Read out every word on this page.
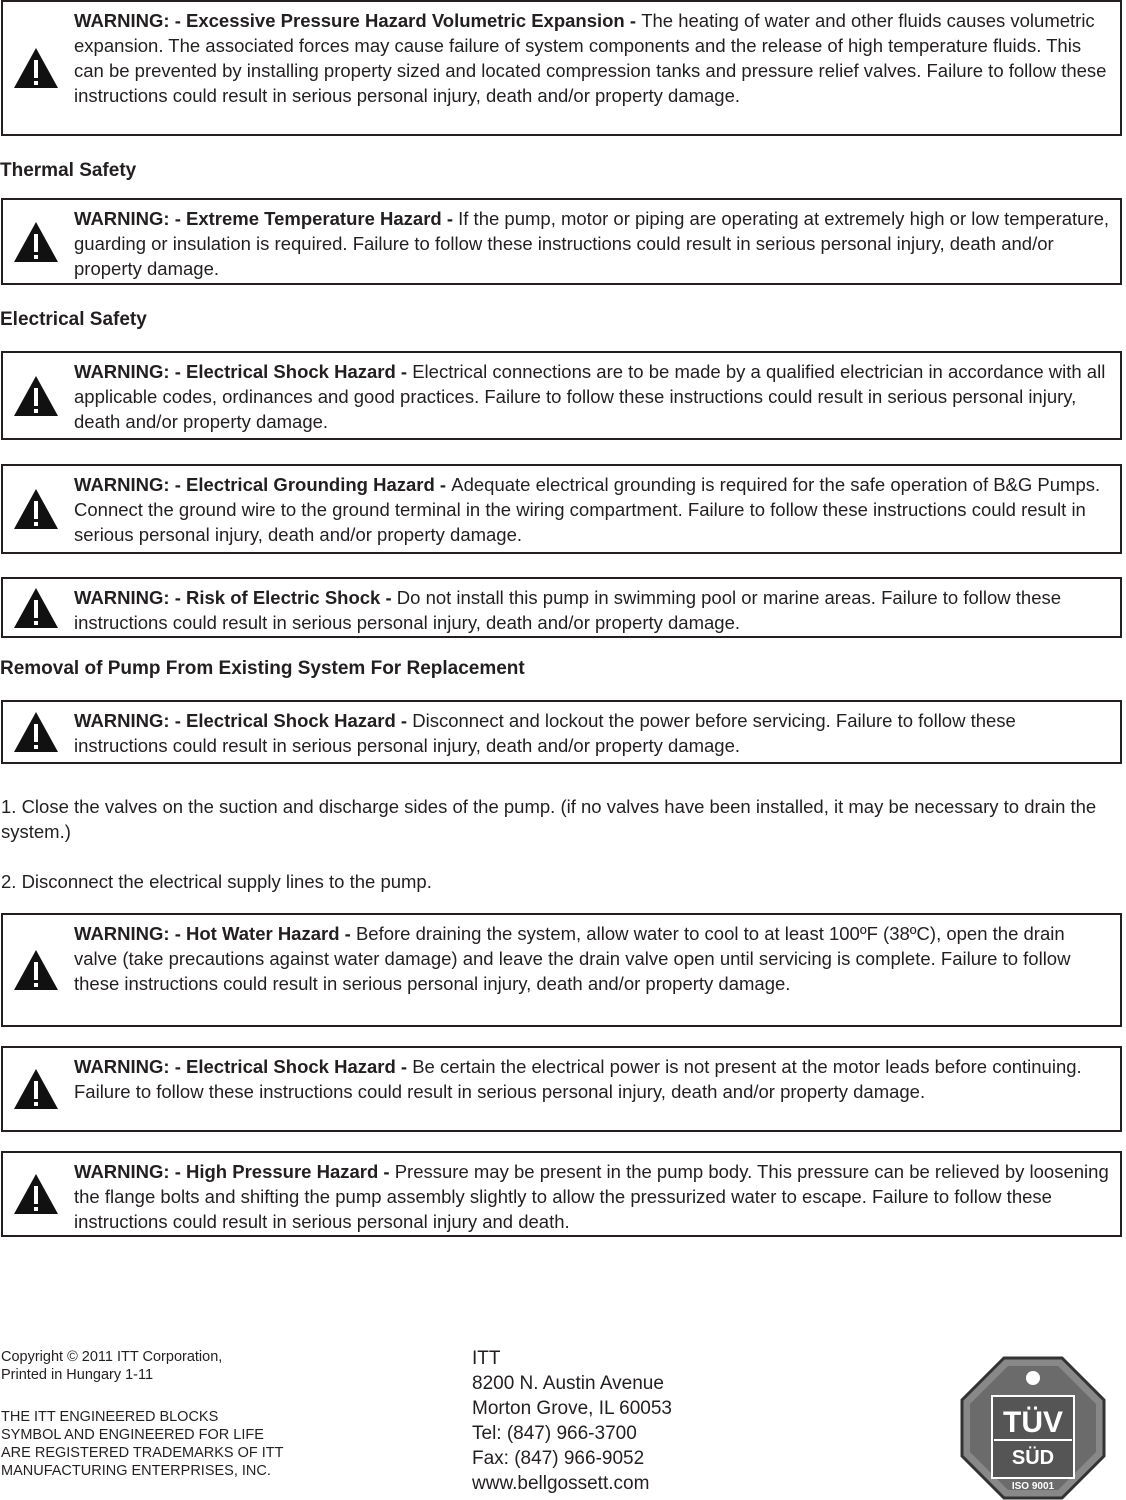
WARNING: - Excessive Pressure Hazard Volumetric Expansion - The heating of water and other fluids causes volumetric expansion. The associated forces may cause failure of system components and the release of high temperature fluids. This can be prevented by installing property sized and located compression tanks and pressure relief valves. Failure to follow these instructions could result in serious personal injury, death and/or property damage.
Thermal Safety
WARNING: - Extreme Temperature Hazard - If the pump, motor or piping are operating at extremely high or low temperature, guarding or insulation is required. Failure to follow these instructions could result in serious personal injury, death and/or property damage.
Electrical Safety
WARNING: - Electrical Shock Hazard - Electrical connections are to be made by a qualified electrician in accordance with all applicable codes, ordinances and good practices. Failure to follow these instructions could result in serious personal injury, death and/or property damage.
WARNING: - Electrical Grounding Hazard - Adequate electrical grounding is required for the safe operation of B&G Pumps. Connect the ground wire to the ground terminal in the wiring compartment. Failure to follow these instructions could result in serious personal injury, death and/or property damage.
WARNING: - Risk of Electric Shock - Do not install this pump in swimming pool or marine areas. Failure to follow these instructions could result in serious personal injury, death and/or property damage.
Removal of Pump From Existing System For Replacement
WARNING: - Electrical Shock Hazard - Disconnect and lockout the power before servicing. Failure to follow these instructions could result in serious personal injury, death and/or property damage.
1. Close the valves on the suction and discharge sides of the pump. (if no valves have been installed, it may be necessary to drain the system.)
2. Disconnect the electrical supply lines to the pump.
WARNING: - Hot Water Hazard - Before draining the system, allow water to cool to at least 100ºF (38ºC), open the drain valve (take precautions against water damage) and leave the drain valve open until servicing is complete. Failure to follow these instructions could result in serious personal injury, death and/or property damage.
WARNING: - Electrical Shock Hazard - Be certain the electrical power is not present at the motor leads before continuing. Failure to follow these instructions could result in serious personal injury, death and/or property damage.
WARNING: - High Pressure Hazard - Pressure may be present in the pump body. This pressure can be relieved by loosening the flange bolts and shifting the pump assembly slightly to allow the pressurized water to escape. Failure to follow these instructions could result in serious personal injury and death.
Copyright © 2011 ITT Corporation,
Printed in Hungary 1-11
THE ITT ENGINEERED BLOCKS
SYMBOL AND ENGINEERED FOR LIFE
ARE REGISTERED TRADEMARKS OF ITT
MANUFACTURING ENTERPRISES, INC.
ITT
8200 N. Austin Avenue
Morton Grove, IL 60053
Tel: (847) 966-3700
Fax: (847) 966-9052
www.bellgossett.com
TÜV
SÜD
ISO 9001
